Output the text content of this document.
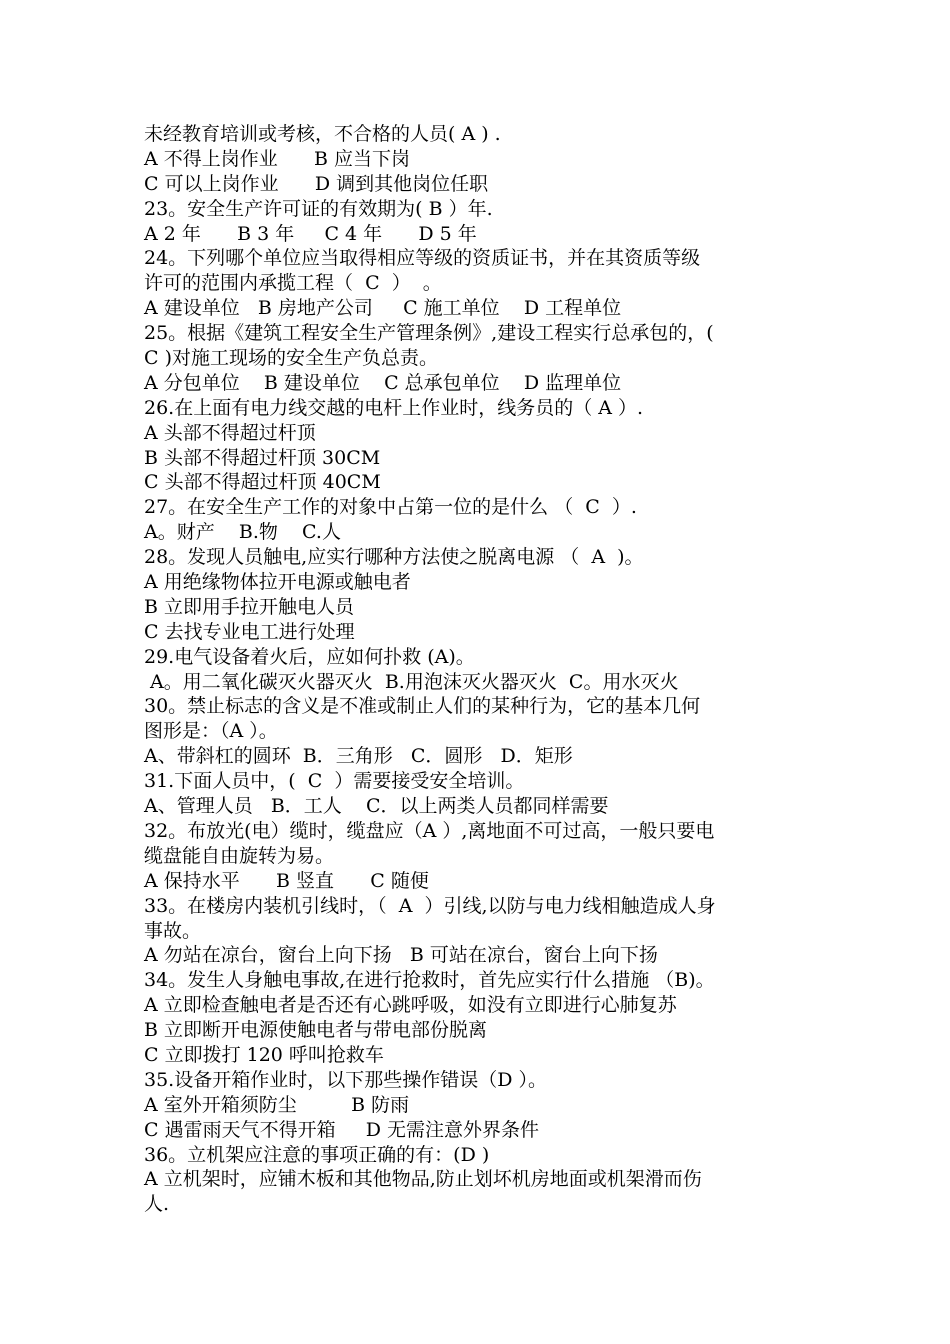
未经教育培训或考核，不合格的人员( A ) .
A 不得上岗作业      B 应当下岗
C 可以上岗作业      D 调到其他岗位任职
23。安全生产许可证的有效期为( B ）年.
A 2 年      B 3 年     C 4 年      D 5 年
24。下列哪个单位应当取得相应等级的资质证书，并在其资质等级
许可的范围内承揽工程（  C  ）  。
A 建设单位   B 房地产公司     C 施工单位    D 工程单位
25。根据《建筑工程安全生产管理条例》,建设工程实行总承包的，(
C )对施工现场的安全生产负总责。
A 分包单位    B 建设单位    C 总承包单位    D 监理单位
26.在上面有电力线交越的电杆上作业时，线务员的（ A ）.
A 头部不得超过杆顶
B 头部不得超过杆顶 30CM
C 头部不得超过杆顶 40CM
27。在安全生产工作的对象中占第一位的是什么 （  C  ）.
A。财产    B.物    C.人
28。发现人员触电,应实行哪种方法使之脱离电源 （  A  )。
A 用绝缘物体拉开电源或触电者
B 立即用手拉开触电人员
C 去找专业电工进行处理
29.电气设备着火后，应如何扑救 (A)。
A。用二氧化碳灭火器灭火  B.用泡沫灭火器灭火  C。用水灭火
30。禁止标志的含义是不准或制止人们的某种行为，它的基本几何
图形是：（A ）。
A、带斜杠的圆环  B．三角形   C．圆形   D．矩形
31.下面人员中，(  C  ）需要接受安全培训。
A、管理人员   B．工人    C．以上两类人员都同样需要
32。布放光(电）缆时，缆盘应（A ）,离地面不可过高，一般只要电
缆盘能自由旋转为易。
A 保持水平      B 竖直      C 随便
33。在楼房内装机引线时，（  A  ）引线,以防与电力线相触造成人身
事故。
A 勿站在凉台，窗台上向下扬   B 可站在凉台，窗台上向下扬
34。发生人身触电事故,在进行抢救时，首先应实行什么措施 （B)。
A 立即检查触电者是否还有心跳呼吸，如没有立即进行心肺复苏
B 立即断开电源使触电者与带电部份脱离
C 立即拨打 120 呼叫抢救车
35.设备开箱作业时，以下那些操作错误（D ）。
A 室外开箱须防尘         B 防雨
C 遇雷雨天气不得开箱     D 无需注意外界条件
36。立机架应注意的事项正确的有：(D )
A 立机架时，应铺木板和其他物品,防止划坏机房地面或机架滑而伤
人.
